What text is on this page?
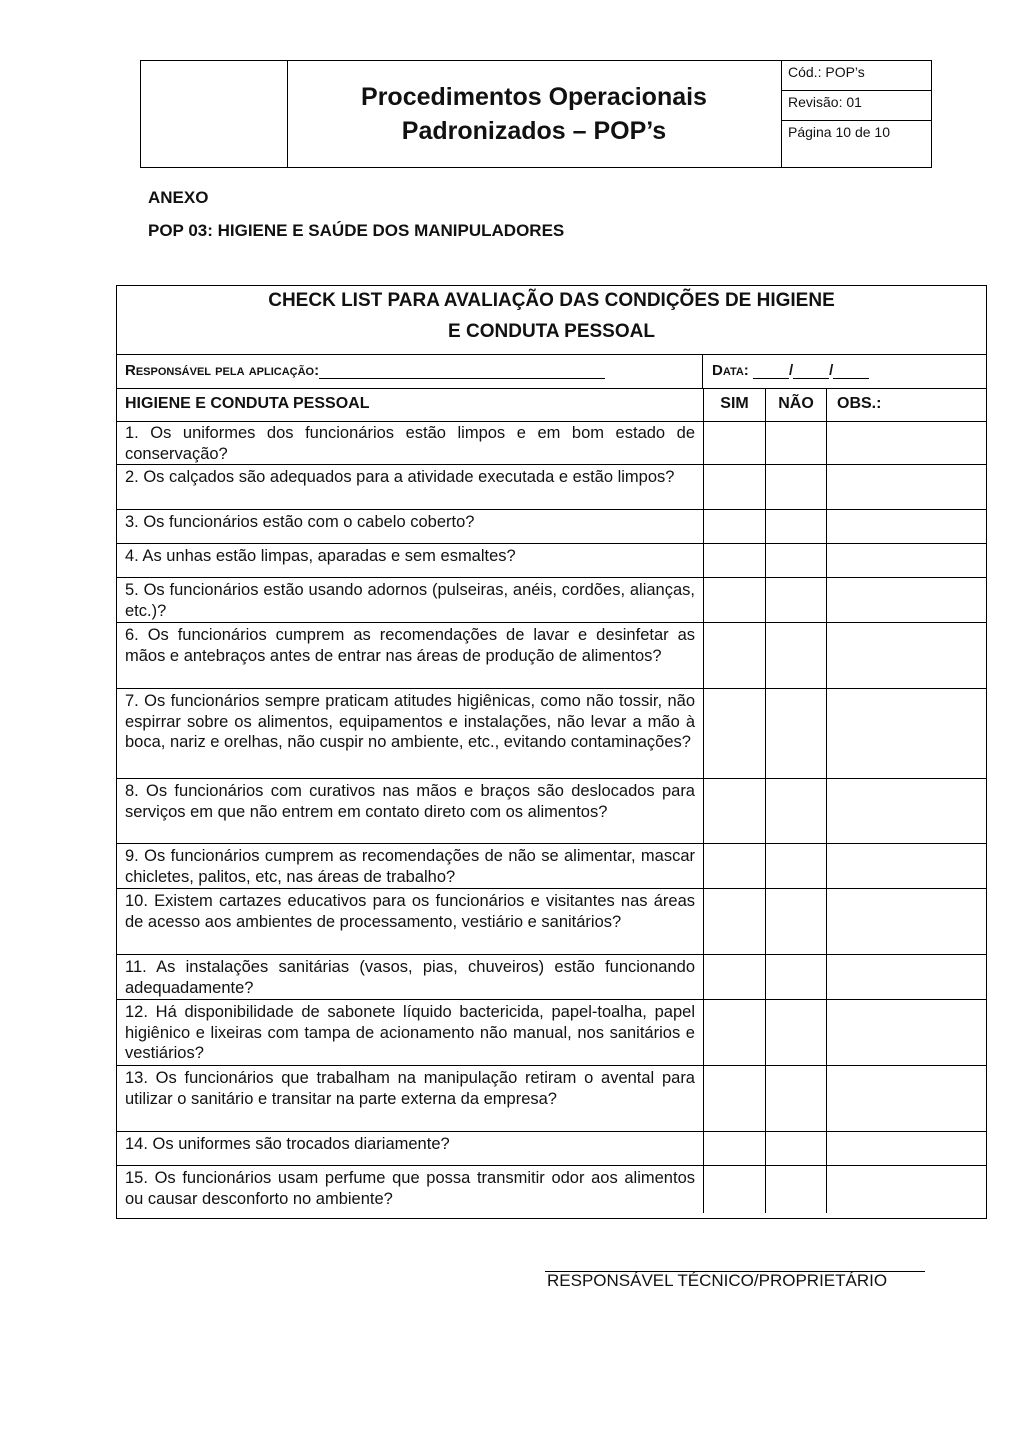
Procedimentos Operacionais
Padronizados – POP’s
Cód.: POP’s
Revisão: 01
Página 10 de 10
ANEXO
POP 03: HIGIENE E SAÚDE DOS MANIPULADORES
CHECK LIST PARA AVALIAÇÃO DAS CONDIÇÕES DE HIGIENE
E CONDUTA PESSOAL
Responsável pela aplicação:	Data:	/ /
HIGIENE E CONDUTA PESSOAL	SIM	NÃO	OBS.:
1. Os uniformes dos funcionários estão limpos e em bom estado de conservação?
2. Os calçados são adequados para a atividade executada e estão limpos?
3. Os funcionários estão com o cabelo coberto?
4. As unhas estão limpas, aparadas e sem esmaltes?
5. Os funcionários estão usando adornos (pulseiras, anéis, cordões, alianças, etc.)?
6. Os funcionários cumprem as recomendações de lavar e desinfetar as mãos e antebraços antes de entrar nas áreas de produção de alimentos?
7. Os funcionários sempre praticam atitudes higiênicas, como não tossir, não espirrar sobre os alimentos, equipamentos e instalações, não levar a mão à boca, nariz e orelhas, não cuspir no ambiente, etc., evitando contaminações?
8. Os funcionários com curativos nas mãos e braços são deslocados para serviços em que não entrem em contato direto com os alimentos?
9. Os funcionários cumprem as recomendações de não se alimentar, mascar chicletes, palitos, etc, nas áreas de trabalho?
10. Existem cartazes educativos para os funcionários e visitantes nas áreas de acesso aos ambientes de processamento, vestiário e sanitários?
11. As instalações sanitárias (vasos, pias, chuveiros) estão funcionando adequadamente?
12. Há disponibilidade de sabonete líquido bactericida, papel-toalha, papel higiênico e lixeiras com tampa de acionamento não manual, nos sanitários e vestiários?
13. Os funcionários que trabalham na manipulação retiram o avental para utilizar o sanitário e transitar na parte externa da empresa?
14. Os uniformes são trocados diariamente?
15. Os funcionários usam perfume que possa transmitir odor aos alimentos ou causar desconforto no ambiente?
RESPONSÁVEL TÉCNICO/PROPRIETÁRIO
